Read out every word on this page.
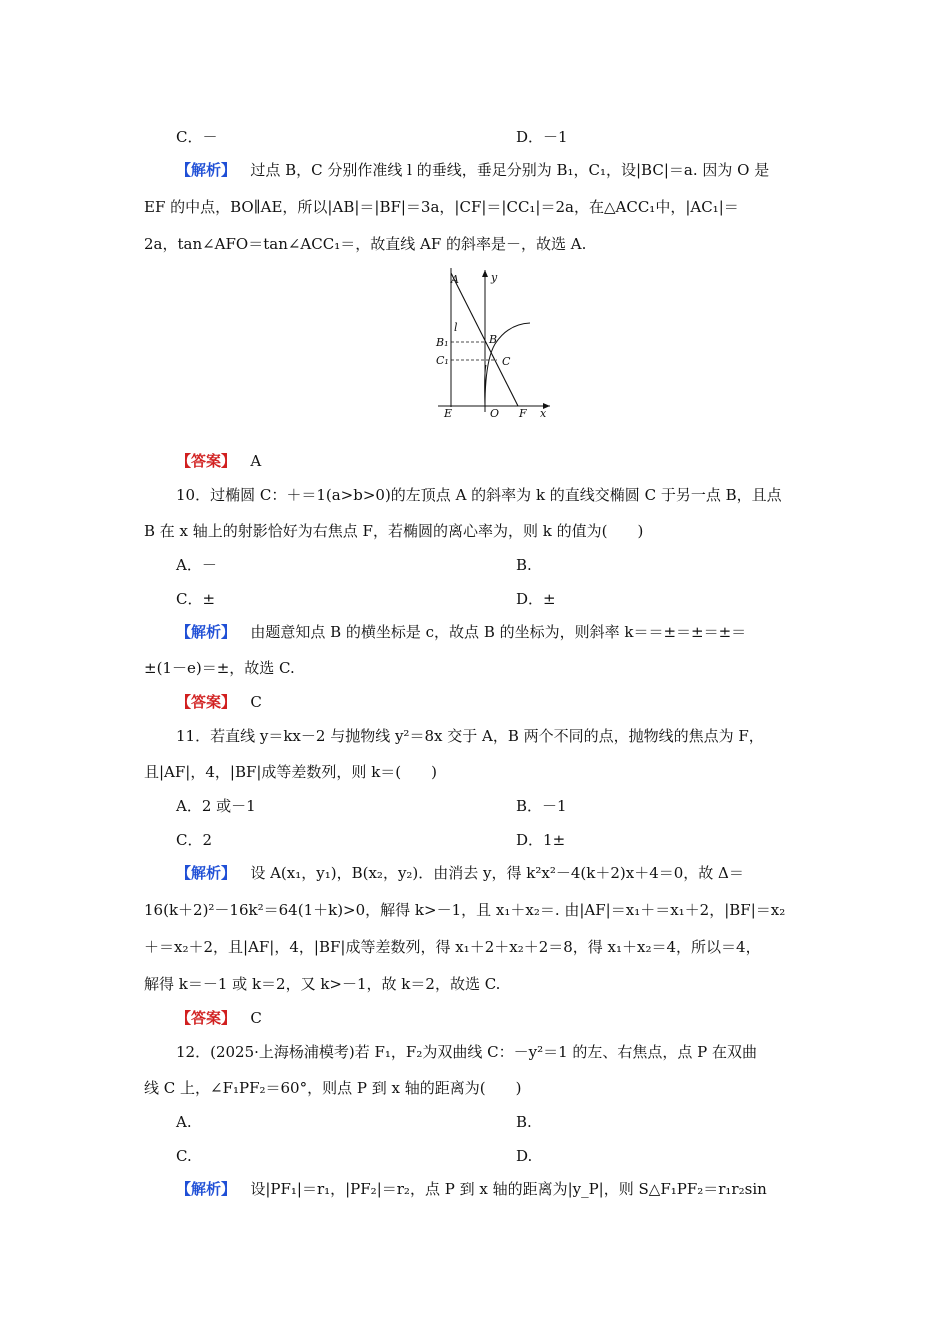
C．－	D．－1
【解析】 过点 B，C 分别作准线 l 的垂线，垂足分别为 B₁，C₁，设|BC|＝a. 因为 O 是
EF 的中点，BO∥AE，所以|AB|＝|BF|＝3a，|CF|＝|CC₁|＝2a，在△ACC₁中，|AC₁|＝
2a，tan∠AFO＝tan∠ACC₁＝，故直线 AF 的斜率是－，故选 A.
A	y
l
B
B₁
C₁	C
E	O F x
【答案】 A
10．过椭圆 C：＋＝1(a>b>0)的左顶点 A 的斜率为 k 的直线交椭圆 C 于另一点 B，且点
B 在 x 轴上的射影恰好为右焦点 F，若椭圆的离心率为，则 k 的值为(　　)
A．－	B.
C．±	D．±
【解析】 由题意知点 B 的横坐标是 c，故点 B 的坐标为，则斜率 k＝＝±＝±＝±＝
±(1－e)＝±，故选 C.
【答案】 C
11．若直线 y＝kx－2 与抛物线 y²＝8x 交于 A，B 两个不同的点，抛物线的焦点为 F，
且|AF|，4，|BF|成等差数列，则 k＝(　　)
A．2 或－1	B．－1
C．2	D．1±
【解析】 设 A(x₁，y₁)，B(x₂，y₂)．由消去 y，得 k²x²－4(k＋2)x＋4＝0，故 Δ＝
16(k＋2)²－16k²＝64(1＋k)>0，解得 k>－1，且 x₁＋x₂＝. 由|AF|＝x₁＋＝x₁＋2，|BF|＝x₂
＋＝x₂＋2，且|AF|，4，|BF|成等差数列，得 x₁＋2＋x₂＋2＝8，得 x₁＋x₂＝4，所以＝4，
解得 k＝－1 或 k＝2，又 k>－1，故 k＝2，故选 C.
【答案】 C
12．(2025·上海杨浦模考)若 F₁，F₂为双曲线 C：－y²＝1 的左、右焦点，点 P 在双曲
线 C 上，∠F₁PF₂＝60°，则点 P 到 x 轴的距离为(　　)
A.	B.
C.	D.
【解析】 设|PF₁|＝r₁，|PF₂|＝r₂，点 P 到 x 轴的距离为|y_P|，则 S△F₁PF₂＝r₁r₂sin
